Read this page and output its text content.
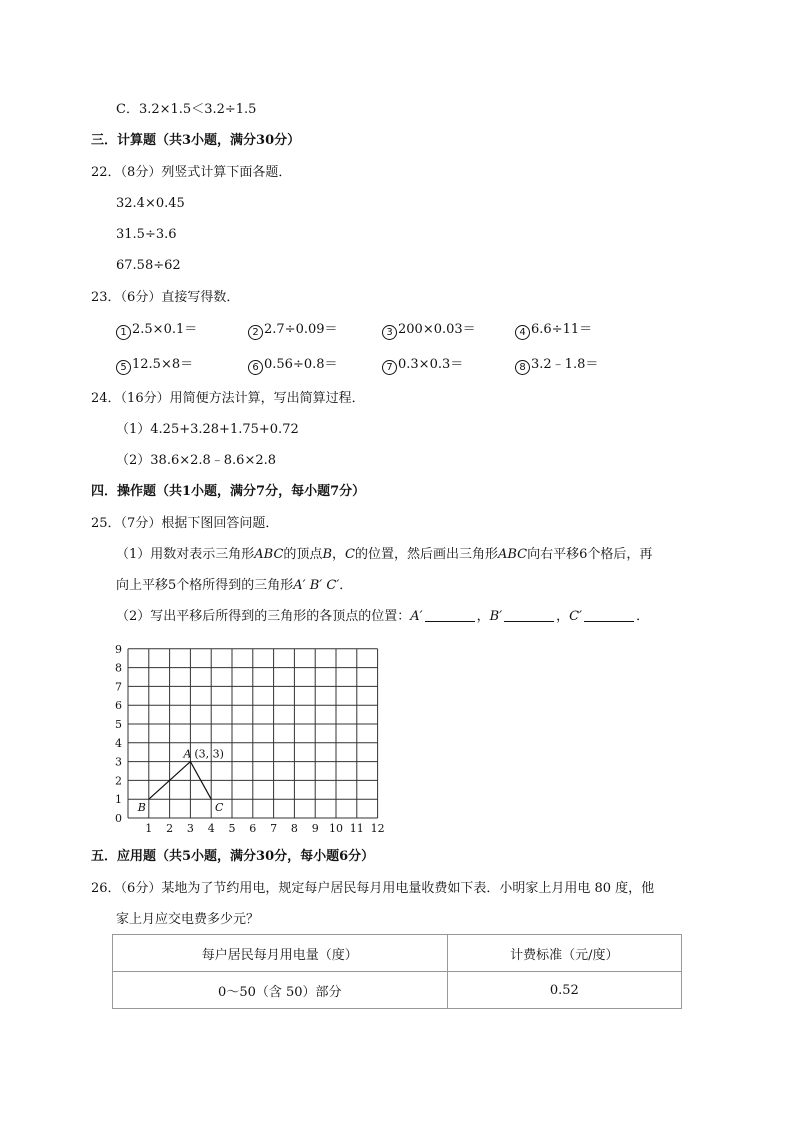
C．3.2×1.5＜3.2÷1.5
三．计算题（共3小题，满分30分）
22．（8分）列竖式计算下面各题．
32.4×0.45
31.5÷3.6
67.58÷62
23．（6分）直接写得数．
1 2.5×0.1＝	2 2.7÷0.09＝	3 200×0.03＝	4 6.6÷11＝
5 12.5×8＝	6 0.56÷0.8＝	7 0.3×0.3＝	8 3.2﹣1.8＝
24．（16分）用简便方法计算，写出简算过程．
（1）4.25+3.28+1.75+0.72
（2）38.6×2.8﹣8.6×2.8
四．操作题（共1小题，满分7分，每小题7分）
25．（7分）根据下图回答问题．
（1）用数对表示三角形ABC的顶点B，C的位置，然后画出三角形ABC向右平移6个格后，再
向上平移5个格所得到的三角形A′ B′ C′．
（2）写出平移后所得到的三角形的各顶点的位置：A′	，B′	，C′	．
1 2 3 4 5 6 7 8 9 10 11 12
0
1
2
3
4
5
6
7
8
9
A (3, 3)
B	C
五．应用题（共5小题，满分30分，每小题6分）
26．（6分）某地为了节约用电，规定每户居民每月用电量收费如下表．小明家上月用电 80 度，他
家上月应交电费多少元？
每户居民每月用电量（度）	计费标准（元/度）
0～50（含 50）部分	0.52
